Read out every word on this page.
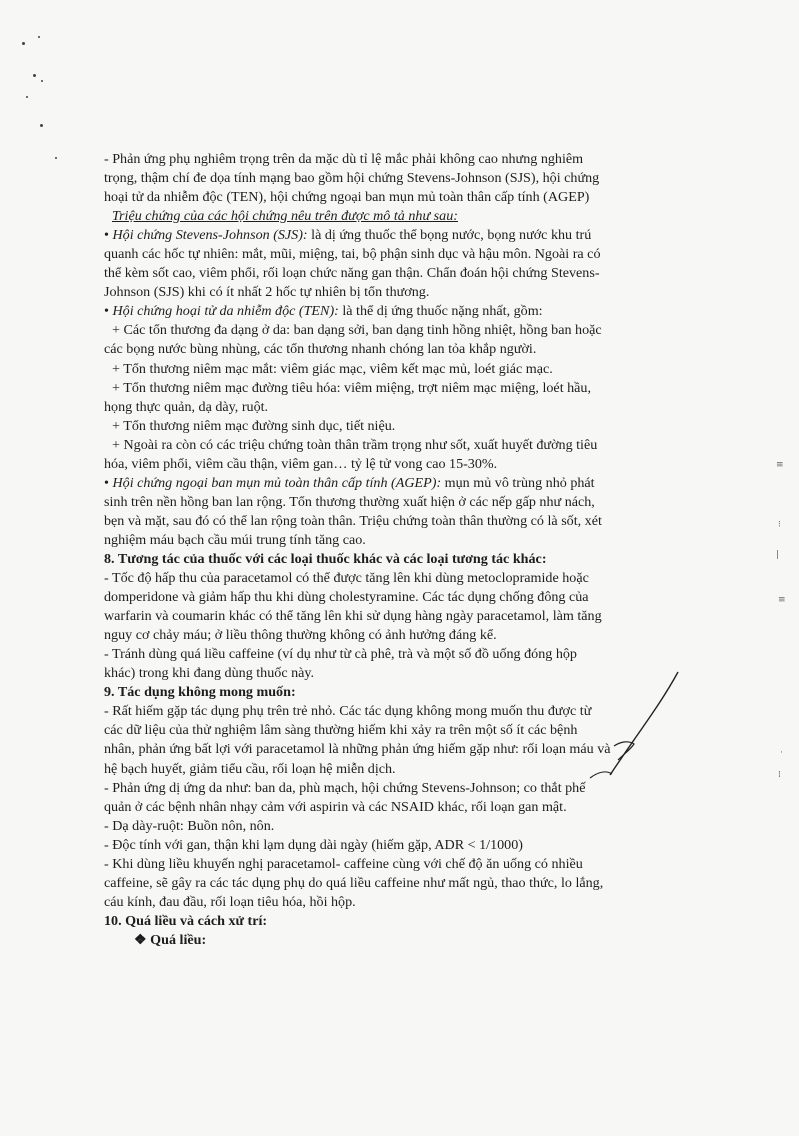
≡
⁝
|
≡
·
⁞
- Phản ứng phụ nghiêm trọng trên da mặc dù tỉ lệ mắc phải không cao nhưng nghiêm
trọng, thậm chí đe dọa tính mạng bao gồm hội chứng Stevens-Johnson (SJS), hội chứng
hoại tử da nhiễm độc (TEN), hội chứng ngoại ban mụn mủ toàn thân cấp tính (AGEP)
Triệu chứng của các hội chứng nêu trên được mô tả như sau:
• Hội chứng Stevens-Johnson (SJS): là dị ứng thuốc thể bọng nước, bọng nước khu trú
quanh các hốc tự nhiên: mắt, mũi, miệng, tai, bộ phận sinh dục và hậu môn. Ngoài ra có
thể kèm sốt cao, viêm phổi, rối loạn chức năng gan thận. Chẩn đoán hội chứng Stevens-
Johnson (SJS) khi có ít nhất 2 hốc tự nhiên bị tổn thương.
• Hội chứng hoại tử da nhiễm độc (TEN): là thể dị ứng thuốc nặng nhất, gồm:
+ Các tổn thương đa dạng ở da: ban dạng sởi, ban dạng tinh hồng nhiệt, hồng ban hoặc
các bọng nước bùng nhùng, các tổn thương nhanh chóng lan tỏa khắp người.
+ Tổn thương niêm mạc mắt: viêm giác mạc, viêm kết mạc mủ, loét giác mạc.
+ Tổn thương niêm mạc đường tiêu hóa: viêm miệng, trợt niêm mạc miệng, loét hầu,
họng thực quản, dạ dày, ruột.
+ Tổn thương niêm mạc đường sinh dục, tiết niệu.
+ Ngoài ra còn có các triệu chứng toàn thân trầm trọng như sốt, xuất huyết đường tiêu
hóa, viêm phổi, viêm cầu thận, viêm gan… tỷ lệ tử vong cao 15-30%.
• Hội chứng ngoại ban mụn mủ toàn thân cấp tính (AGEP): mụn mủ vô trùng nhỏ phát
sinh trên nền hồng ban lan rộng. Tổn thương thường xuất hiện ở các nếp gấp như nách,
bẹn và mặt, sau đó có thể lan rộng toàn thân. Triệu chứng toàn thân thường có là sốt, xét
nghiệm máu bạch cầu múi trung tính tăng cao.
8. Tương tác của thuốc với các loại thuốc khác và các loại tương tác khác:
- Tốc độ hấp thu của paracetamol có thể được tăng lên khi dùng metoclopramide hoặc
domperidone và giảm hấp thu khi dùng cholestyramine. Các tác dụng chống đông của
warfarin và coumarin khác có thể tăng lên khi sử dụng hàng ngày paracetamol, làm tăng
nguy cơ chảy máu; ở liều thông thường không có ảnh hưởng đáng kể.
- Tránh dùng quá liều caffeine (ví dụ như từ cà phê, trà và một số đồ uống đóng hộp
khác) trong khi đang dùng thuốc này.
9. Tác dụng không mong muốn:
- Rất hiếm gặp tác dụng phụ trên trẻ nhỏ. Các tác dụng không mong muốn thu được từ
các dữ liệu của thử nghiệm lâm sàng thường hiếm khi xảy ra trên một số ít các bệnh
nhân, phản ứng bất lợi với paracetamol là những phản ứng hiếm gặp như: rối loạn máu và
hệ bạch huyết, giảm tiểu cầu, rối loạn hệ miễn dịch.
- Phản ứng dị ứng da như: ban da, phù mạch, hội chứng Stevens-Johnson; co thắt phế
quản ở các bệnh nhân nhạy cảm với aspirin và các NSAID khác, rối loạn gan mật.
- Dạ dày-ruột: Buồn nôn, nôn.
- Độc tính với gan, thận khi lạm dụng dài ngày (hiếm gặp, ADR < 1/1000)
- Khi dùng liều khuyến nghị paracetamol- caffeine cùng với chế độ ăn uống có nhiều
caffeine, sẽ gây ra các tác dụng phụ do quá liều caffeine như mất ngủ, thao thức, lo lắng,
cáu kính, đau đầu, rối loạn tiêu hóa, hồi hộp.
10. Quá liều và cách xử trí:
❖ Quá liều:
